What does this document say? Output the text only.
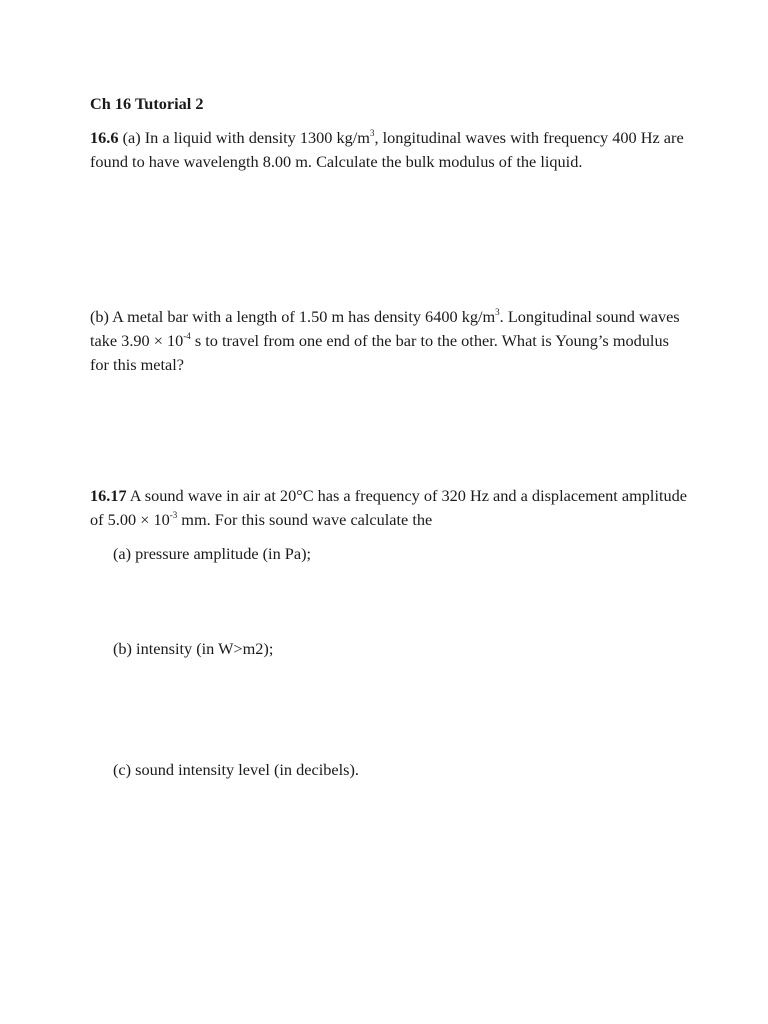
Ch 16 Tutorial 2

16.6 (a) In a liquid with density 1300 $kg/m^3$, longitudinal waves with frequency 400 Hz are found to have wavelength 8.00 m. Calculate the bulk modulus of the liquid.

(b) A metal bar with a length of 1.50 m has density 6400 $kg/m^3$. Longitudinal sound waves take $3.90 \times 10^{-4}$ s to travel from one end of the bar to the other. What is Young’s modulus for this metal?

16.17 A sound wave in air at 20°C has a frequency of 320 Hz and a displacement amplitude of $5.00 \times 10^{-3}$ mm. For this sound wave calculate the

(a) pressure amplitude (in Pa);

(b) intensity (in W>m2);

(c) sound intensity level (in decibels).
